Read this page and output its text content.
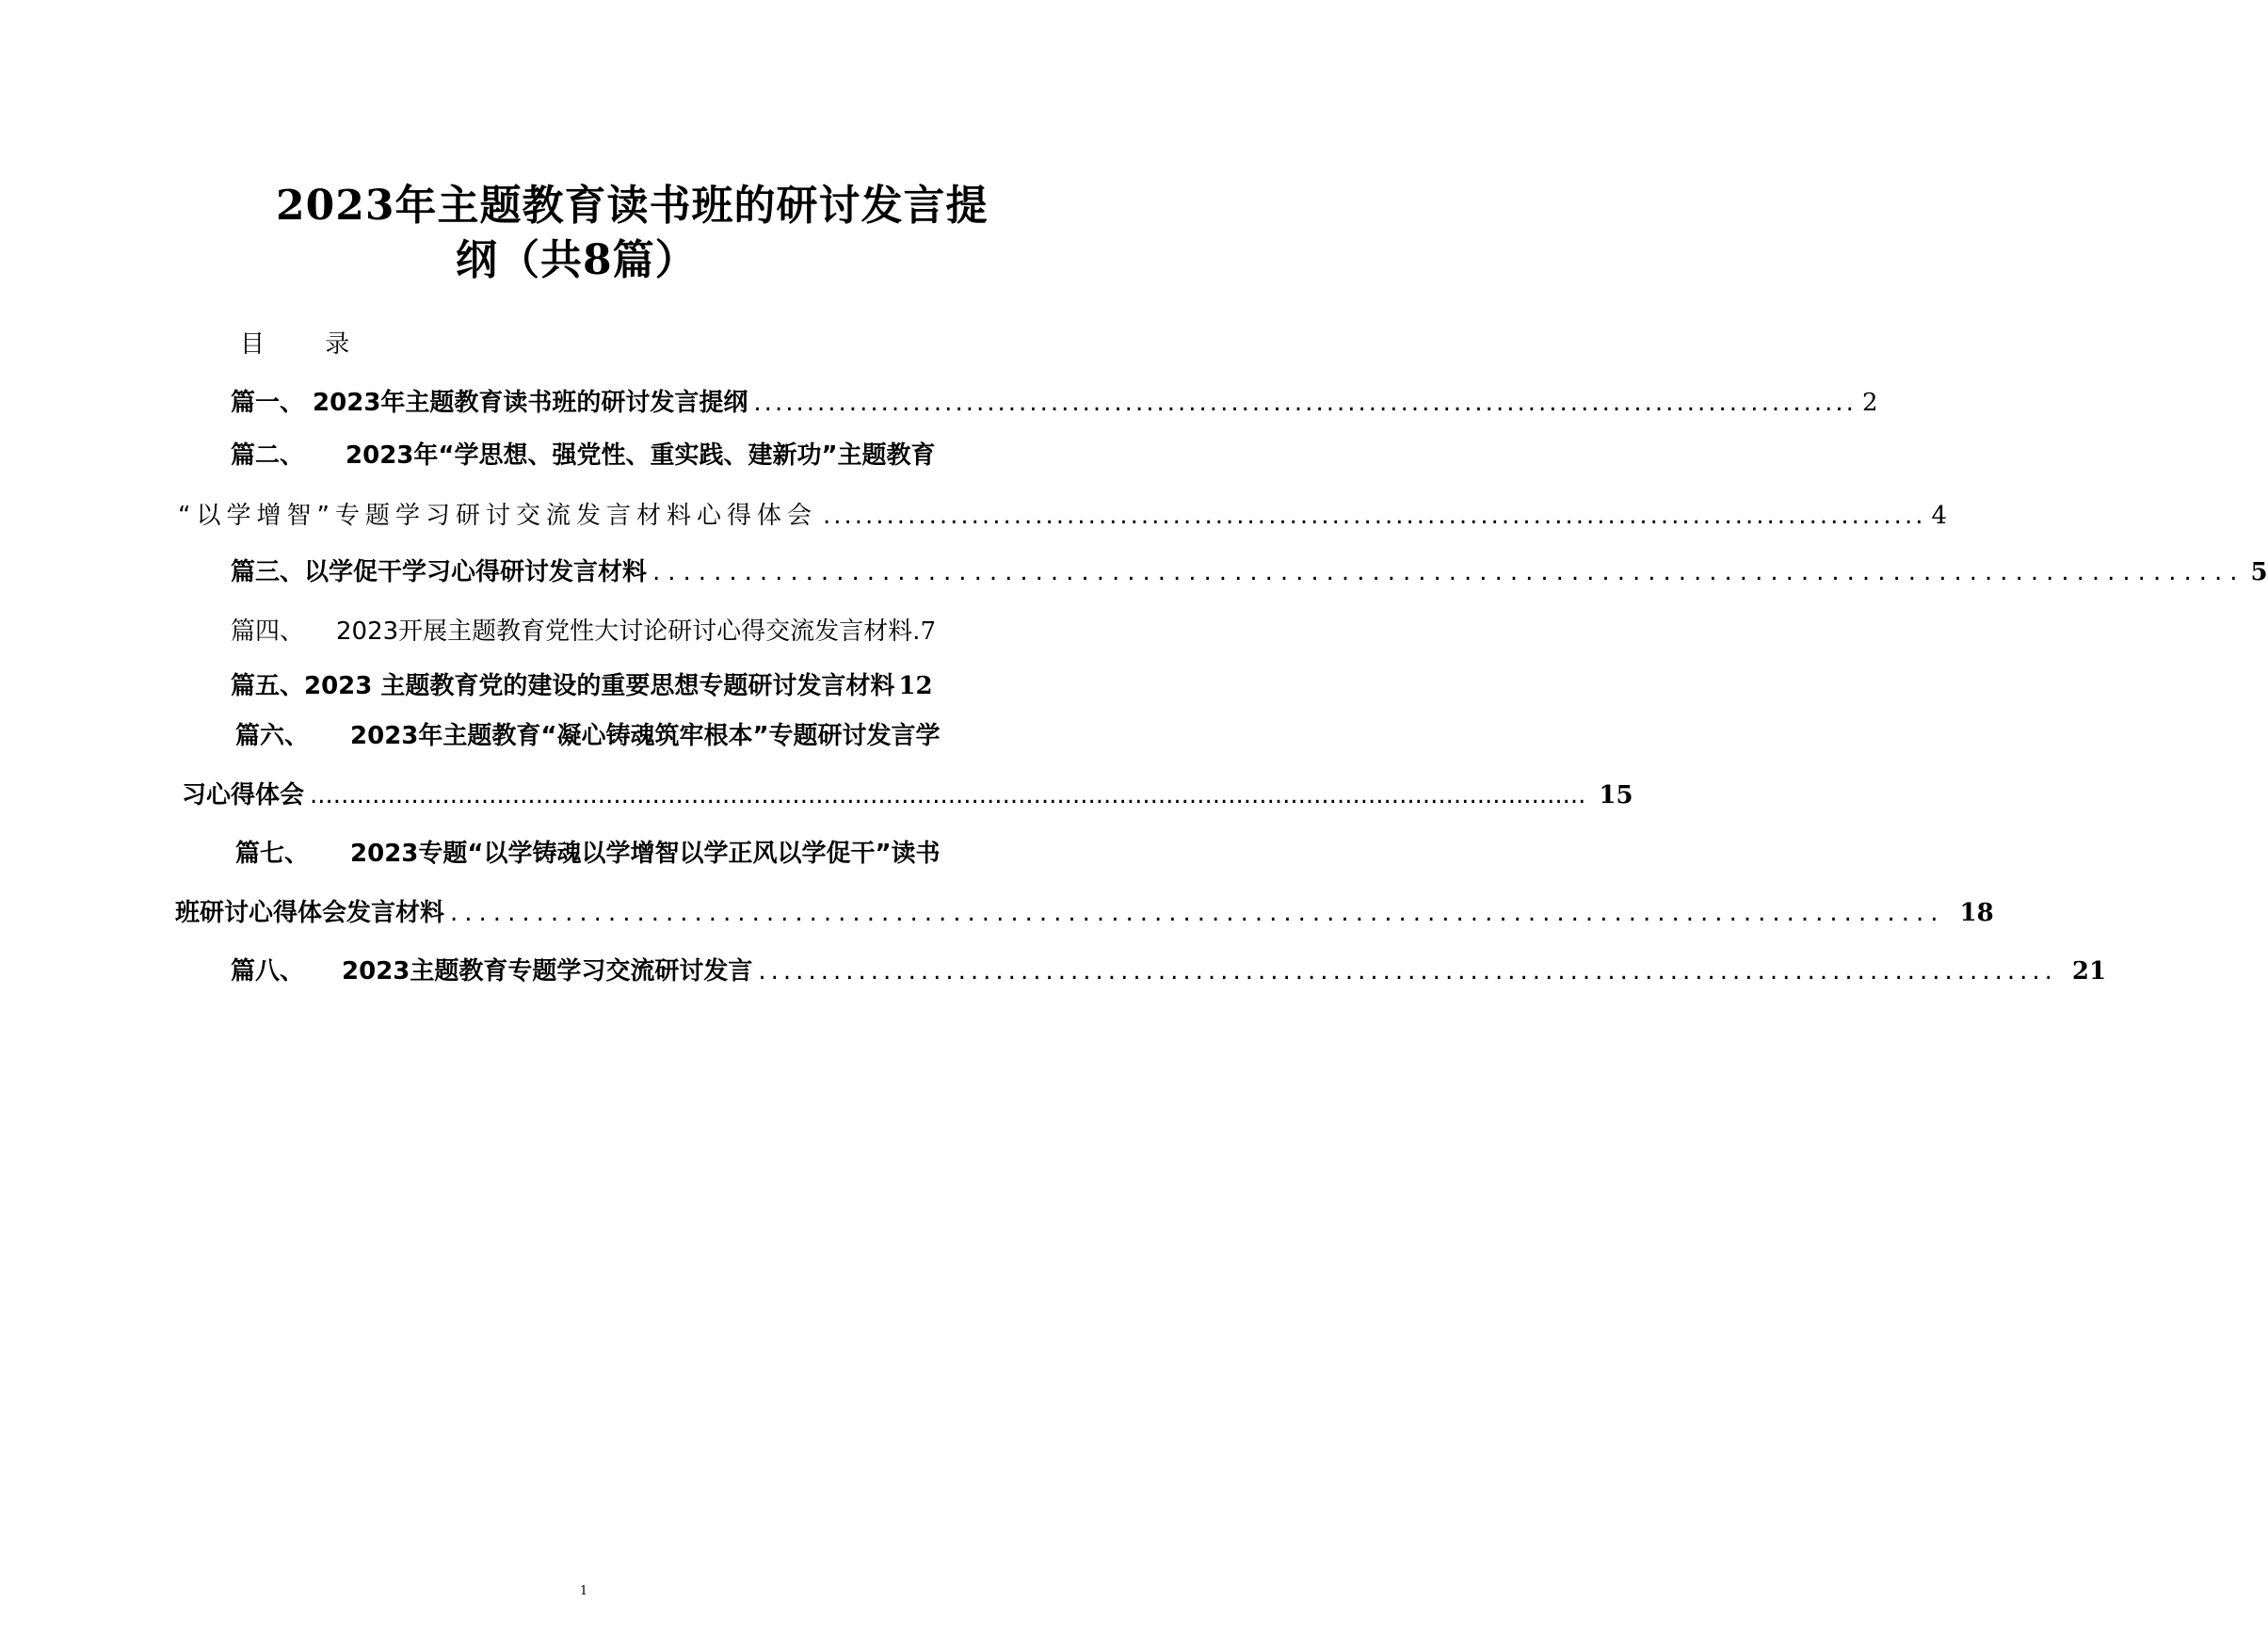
2023年主题教育读书班的研讨发言提
纲（共8篇）
目 录
篇一、 2023年主题教育读书班的研讨发言提纲 ........................................................................................................ 2
篇二、 2023年“学思想、强党性、重实践、建新功”主题教育
“以学增智”专题学习研讨交流发言材料心得体会 ........................................................................................................ 4
篇三、以学促干学习心得研讨发言材料 ........................................................................................................ 5
篇四、 2023开展主题教育党性大讨论研讨心得交流发言材料. 7
篇五、2023 主题教育党的建设的重要思想专题研讨发言材料 12
篇六、 2023年主题教育“凝心铸魂筑牢根本”专题研讨发言学
习心得体会 .................................................................................................................................................................... 15
篇七、 2023专题“以学铸魂以学增智以学正风以学促干”读书
班研讨心得体会发言材料 ........................................................................................................ 18
篇八、 2023主题教育专题学习交流研讨发言 ........................................................................................................ 21
1
